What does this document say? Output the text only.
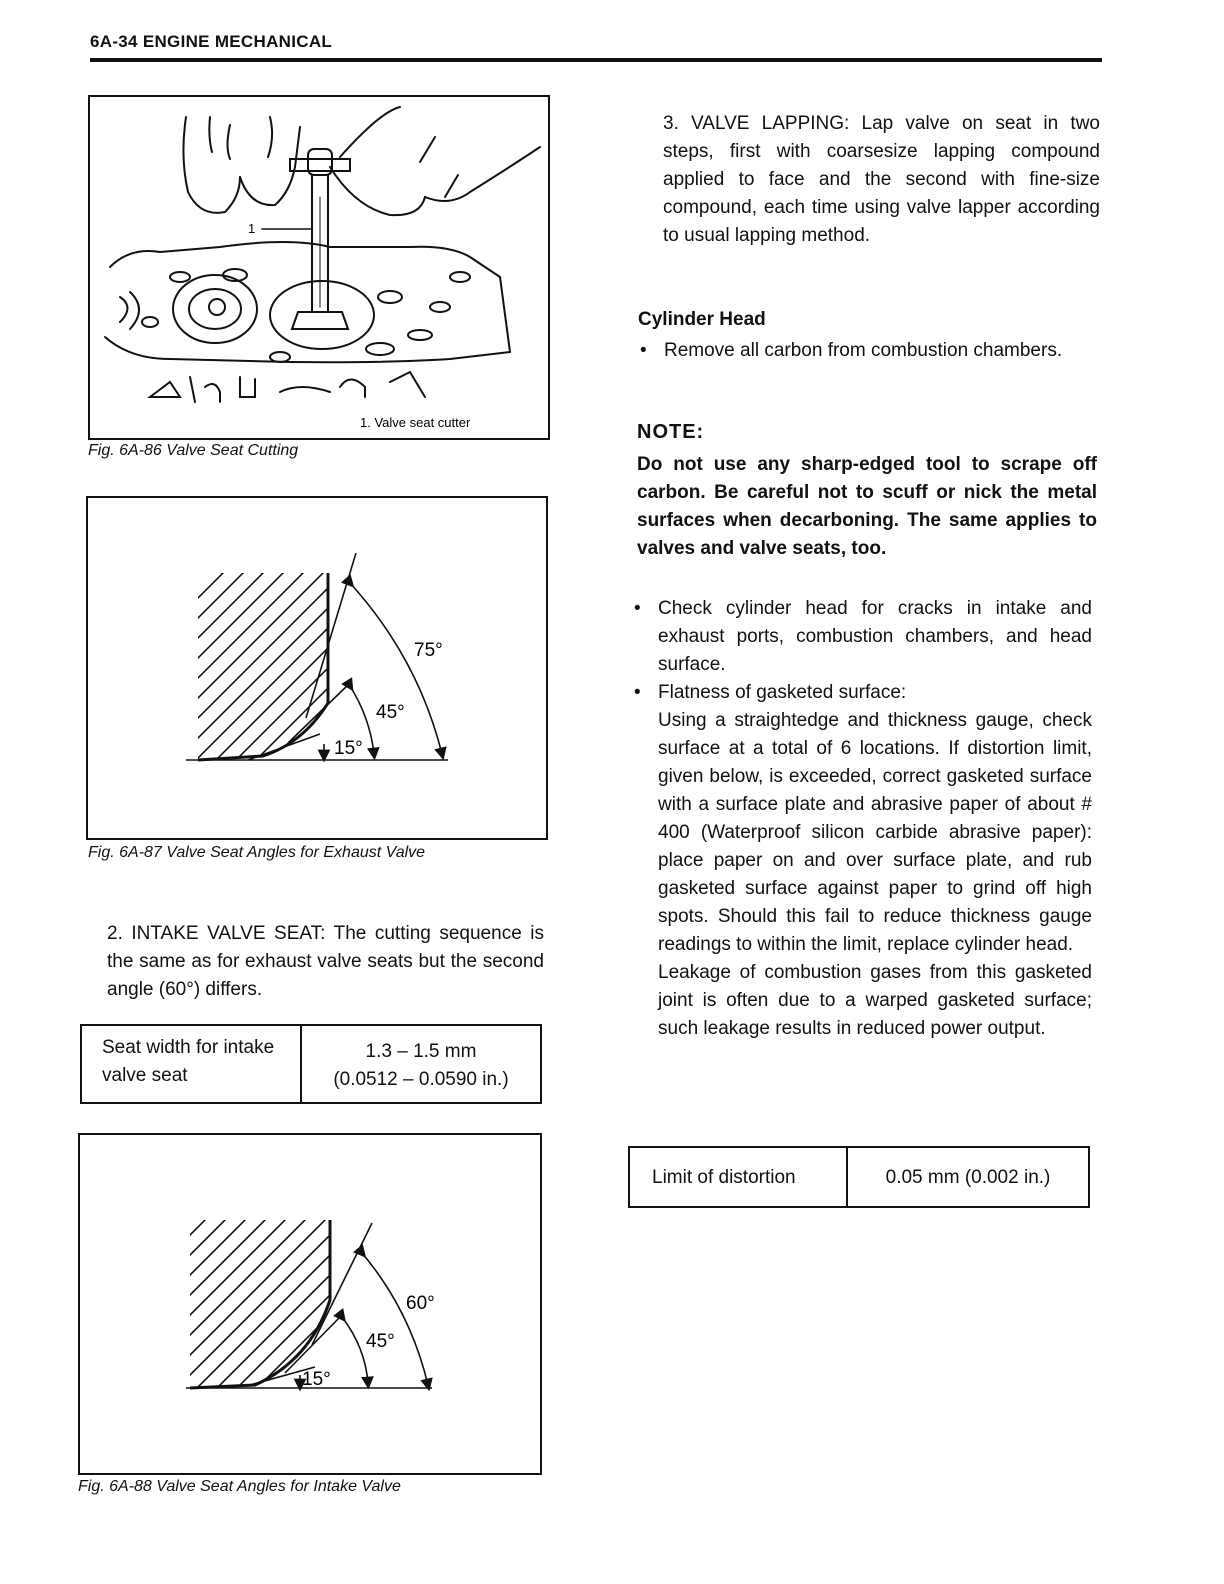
6A-34 ENGINE MECHANICAL
1
1. Valve seat cutter
Fig. 6A-86 Valve Seat Cutting
75°
45°
15°
Fig. 6A-87 Valve Seat Angles for Exhaust Valve
2. INTAKE VALVE SEAT: The cutting sequence is the same as for exhaust valve seats but the second angle (60°) differs.
Seat width for intake valve seat
1.3 – 1.5 mm
(0.0512 – 0.0590 in.)
60°
45°
15°
Fig. 6A-88 Valve Seat Angles for Intake Valve
3. VALVE LAPPING: Lap valve on seat in two steps, first with coarsesize lapping compound applied to face and the second with fine-size compound, each time using valve lapper according to usual lapping method.
Cylinder Head
• Remove all carbon from combustion chambers.
NOTE:
Do not use any sharp-edged tool to scrape off carbon. Be careful not to scuff or nick the metal surfaces when decarboning. The same applies to valves and valve seats, too.
• Check cylinder head for cracks in intake and exhaust ports, combustion chambers, and head surface.
• Flatness of gasketed surface:
Using a straightedge and thickness gauge, check surface at a total of 6 locations. If distortion limit, given below, is exceeded, correct gasketed surface with a surface plate and abrasive paper of about # 400 (Waterproof silicon carbide abrasive paper): place paper on and over surface plate, and rub gasketed surface against paper to grind off high spots. Should this fail to reduce thickness gauge readings to within the limit, replace cylinder head.
Leakage of combustion gases from this gasketed joint is often due to a warped gasketed surface; such leakage results in reduced power output.
Limit of distortion	0.05 mm (0.002 in.)
